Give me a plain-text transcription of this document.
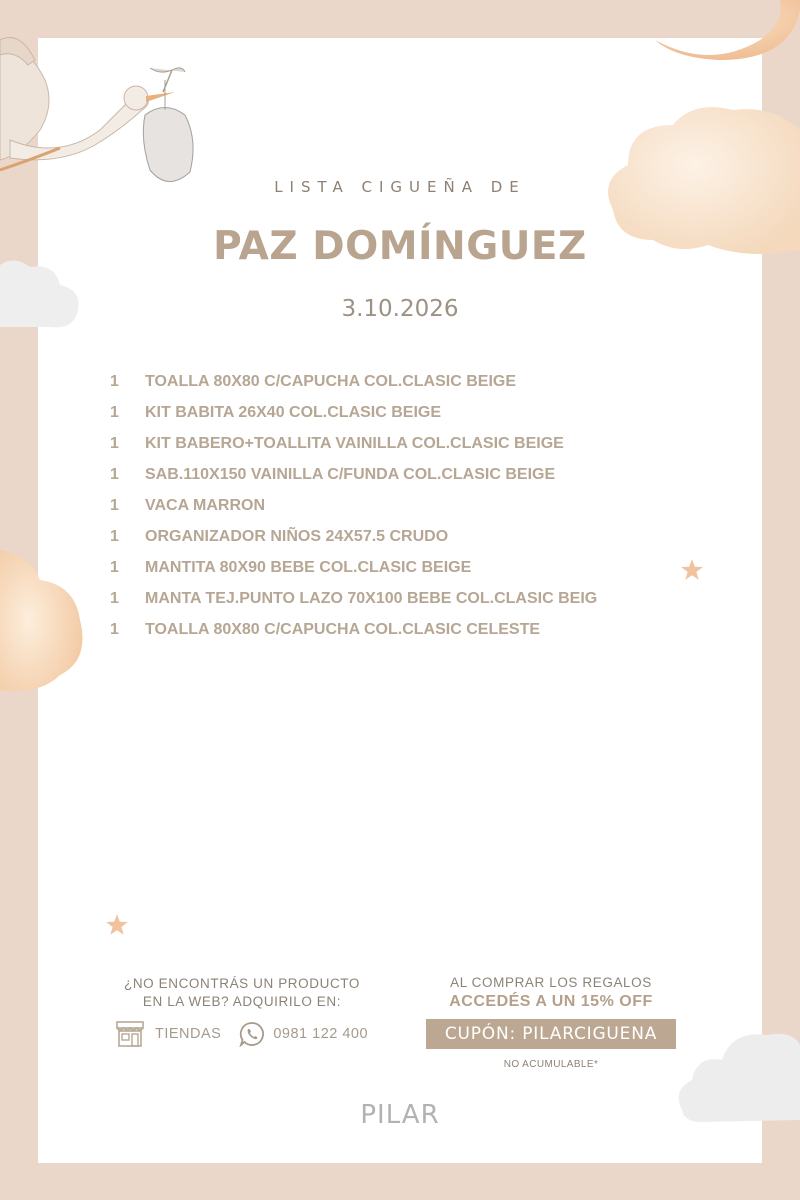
LISTA CIGUEÑA DE
PAZ DOMÍNGUEZ
3.10.2026
1	TOALLA 80X80 C/CAPUCHA COL.CLASIC BEIGE
1	KIT BABITA 26X40 COL.CLASIC BEIGE
1	KIT BABERO+TOALLITA VAINILLA COL.CLASIC BEIGE
1	SAB.110X150 VAINILLA C/FUNDA COL.CLASIC BEIGE
1	VACA MARRON
1	ORGANIZADOR NIÑOS 24X57.5 CRUDO
1	MANTITA 80X90 BEBE COL.CLASIC BEIGE
1	MANTA TEJ.PUNTO LAZO 70X100 BEBE COL.CLASIC BEIG
1	TOALLA 80X80 C/CAPUCHA COL.CLASIC CELESTE
¿NO ENCONTRÁS UN PRODUCTO
EN LA WEB? ADQUIRILO EN:
TIENDAS	0981 122 400
AL COMPRAR LOS REGALOS
ACCEDÉS A UN 15% OFF
CUPÓN: PILARCIGUENA
NO ACUMULABLE*
PILAR
